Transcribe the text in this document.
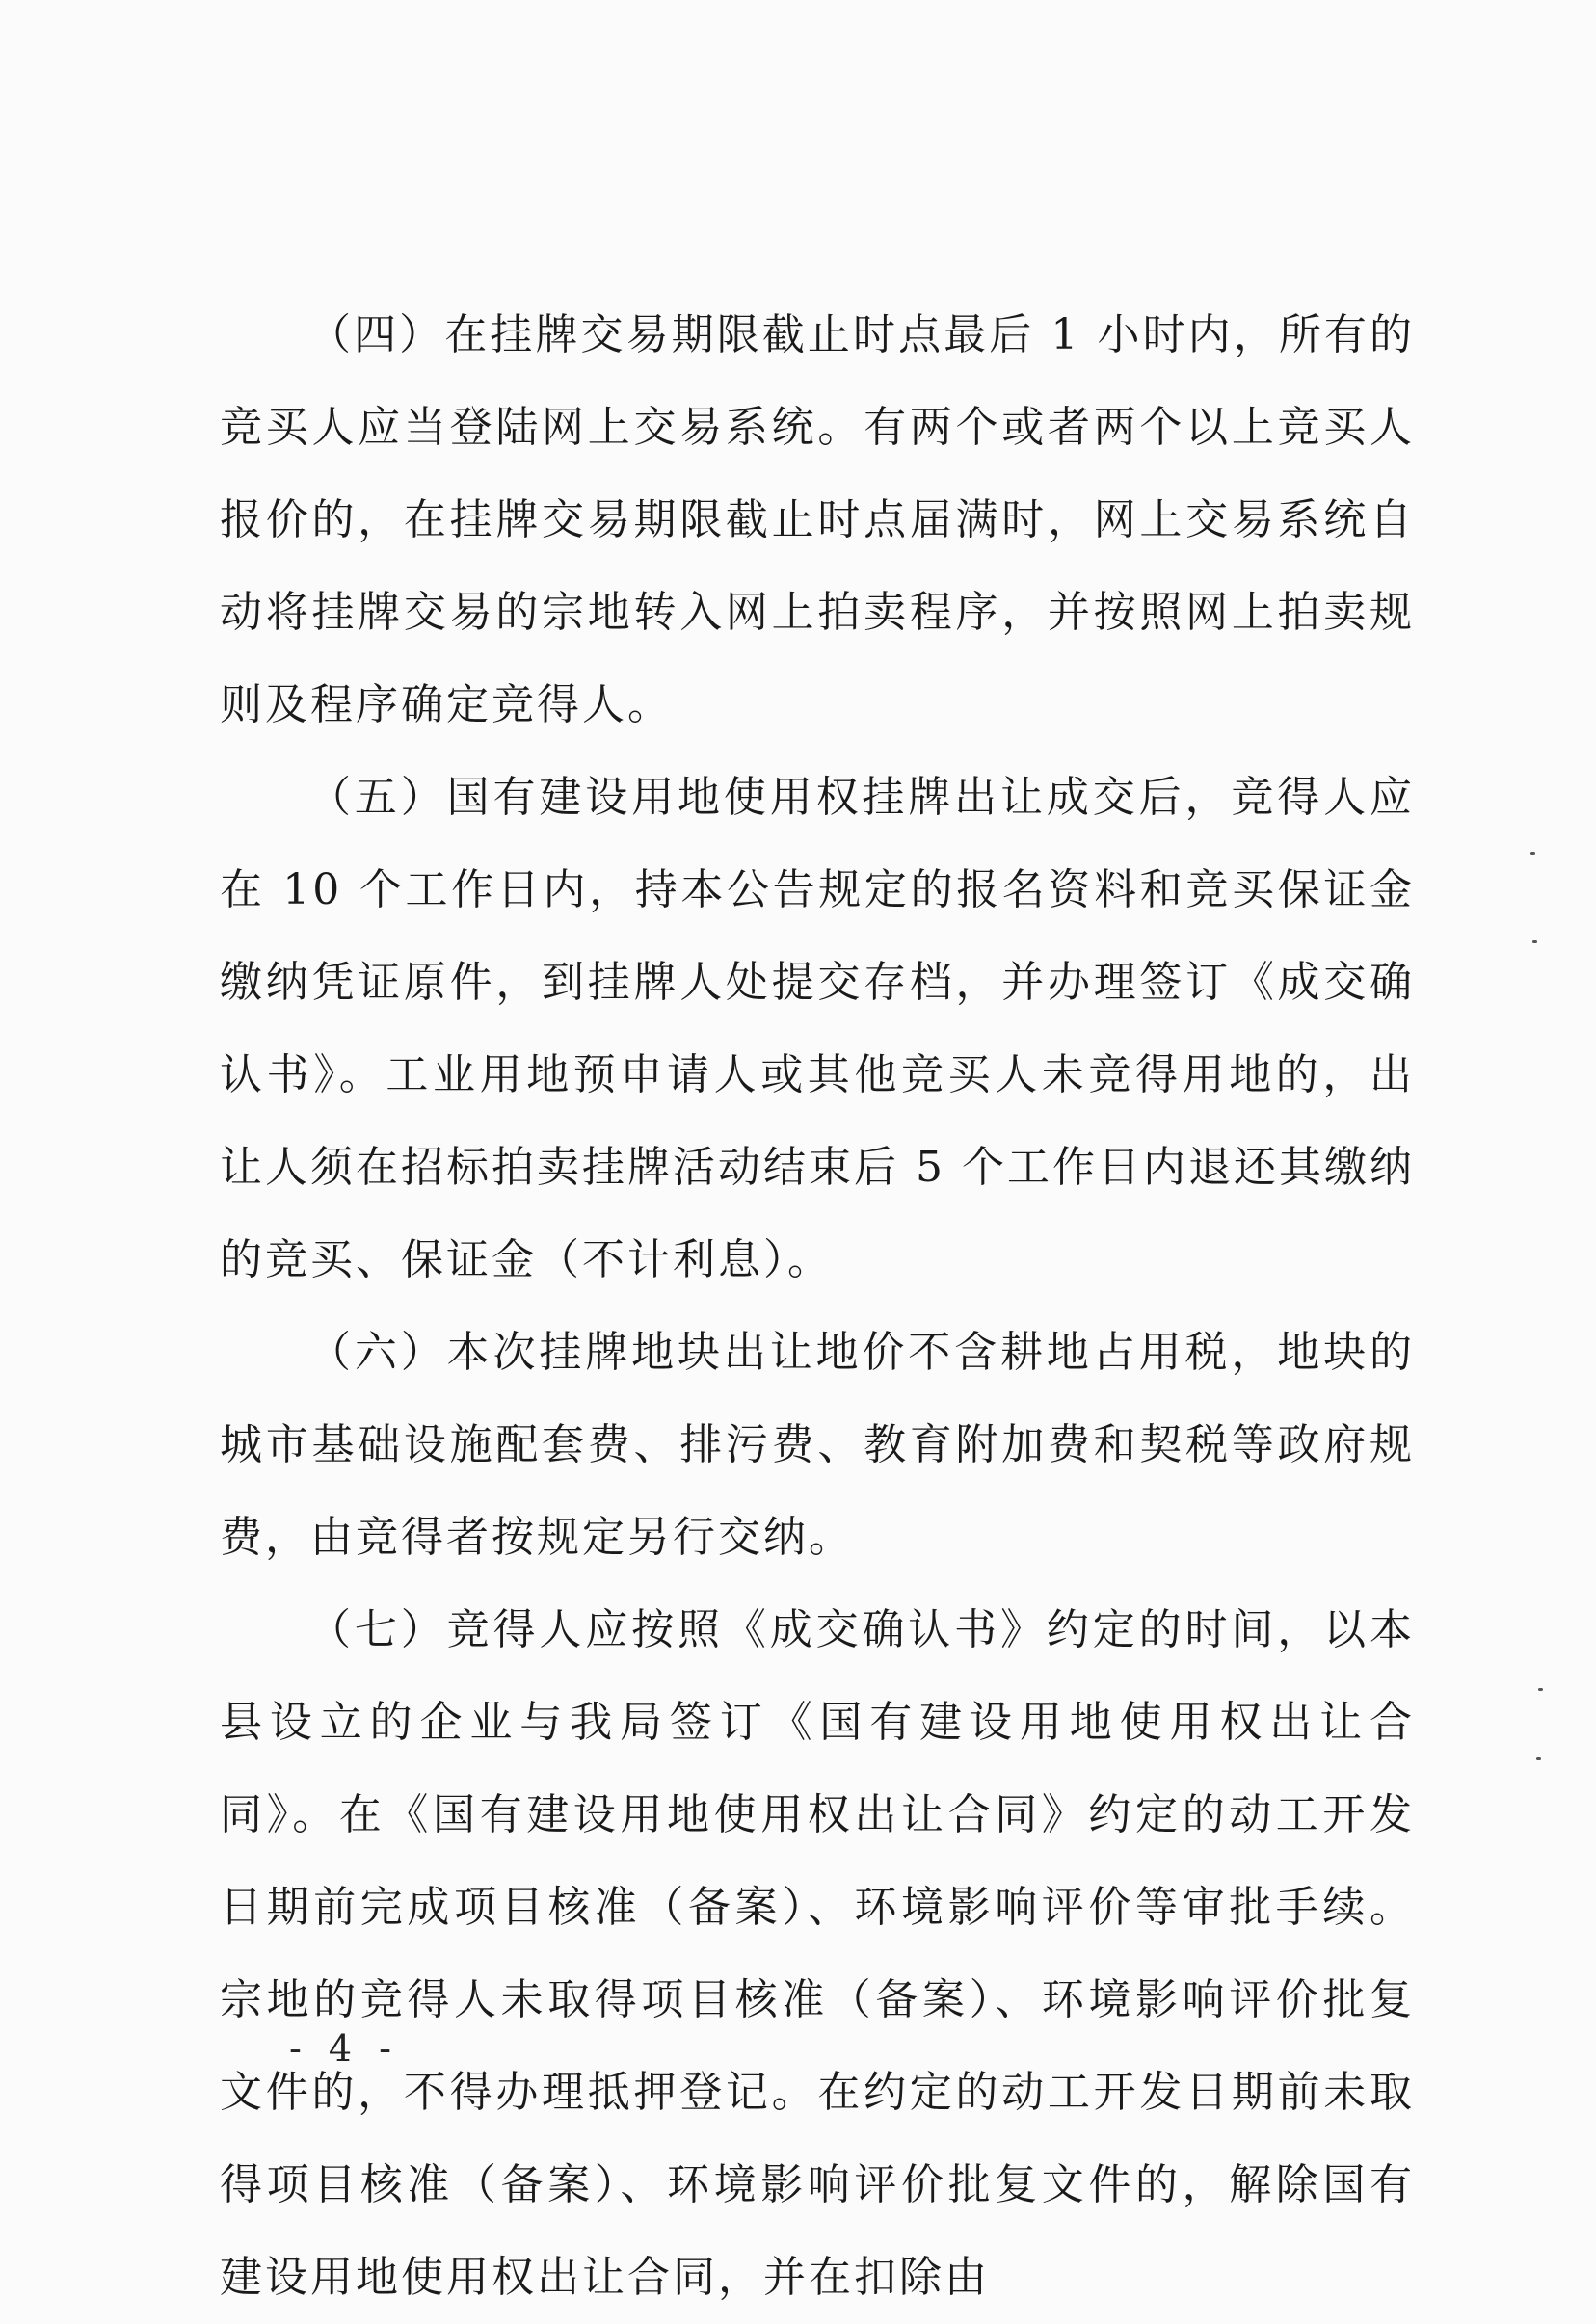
（四）在挂牌交易期限截止时点最后 1 小时内，所有的竞买人应当登陆网上交易系统。有两个或者两个以上竞买人报价的，在挂牌交易期限截止时点届满时，网上交易系统自动将挂牌交易的宗地转入网上拍卖程序，并按照网上拍卖规则及程序确定竞得人。

（五）国有建设用地使用权挂牌出让成交后，竞得人应在 10 个工作日内，持本公告规定的报名资料和竞买保证金缴纳凭证原件，到挂牌人处提交存档，并办理签订《成交确认书》。工业用地预申请人或其他竞买人未竞得用地的，出让人须在招标拍卖挂牌活动结束后 5 个工作日内退还其缴纳的竞买、保证金（不计利息）。

（六）本次挂牌地块出让地价不含耕地占用税，地块的城市基础设施配套费、排污费、教育附加费和契税等政府规费，由竞得者按规定另行交纳。

（七）竞得人应按照《成交确认书》约定的时间，以本县设立的企业与我局签订《国有建设用地使用权出让合同》。在《国有建设用地使用权出让合同》约定的动工开发日期前完成项目核准（备案）、环境影响评价等审批手续。宗地的竞得人未取得项目核准（备案）、环境影响评价批复文件的，不得办理抵押登记。在约定的动工开发日期前未取得项目核准（备案）、环境影响评价批复文件的，解除国有建设用地使用权出让合同，并在扣除由

- 4 -
